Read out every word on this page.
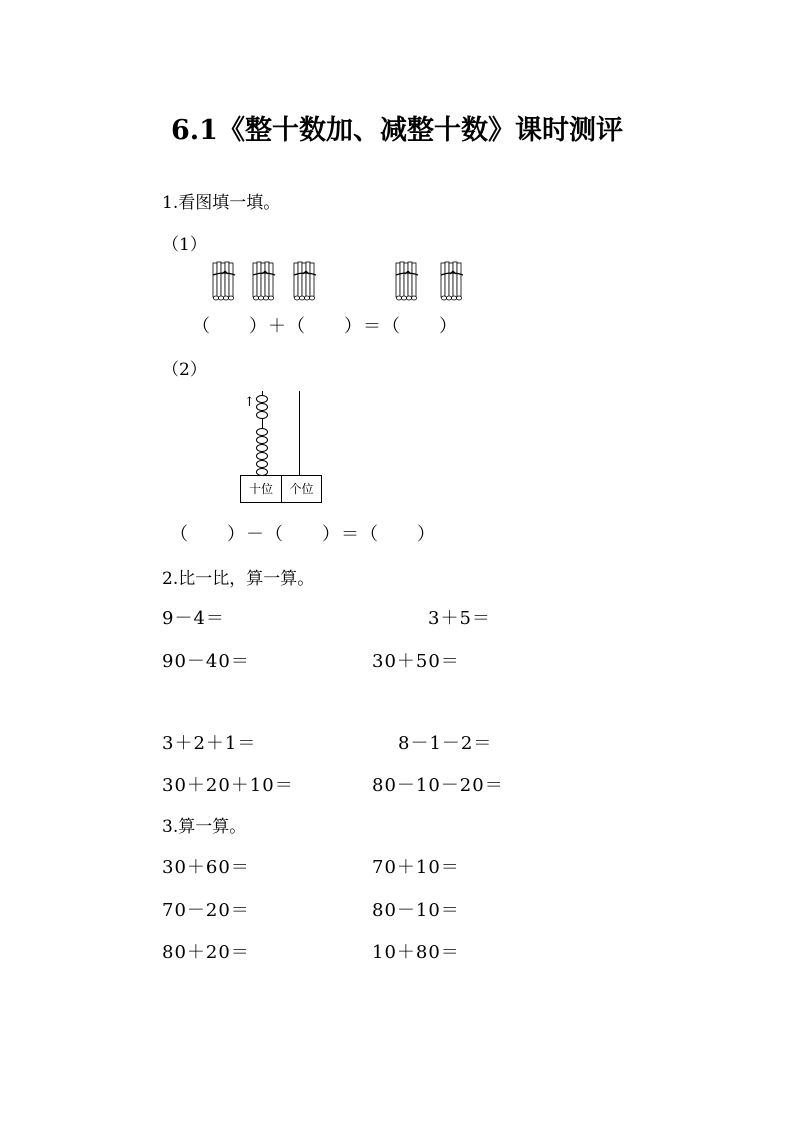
6.1《整十数加、减整十数》课时测评
1.看图填一填。
（1）
（　　）＋（　　）＝（　　）
（2）
↑
十位	个位
（　　）－（　　）＝（　　）
2.比一比，算一算。
9－4＝	3＋5＝
90－40＝	30＋50＝
3＋2＋1＝	8－1－2＝
30＋20＋10＝	80－10－20＝
3.算一算。
30＋60＝	70＋10＝
70－20＝	80－10＝
80＋20＝	10＋80＝
